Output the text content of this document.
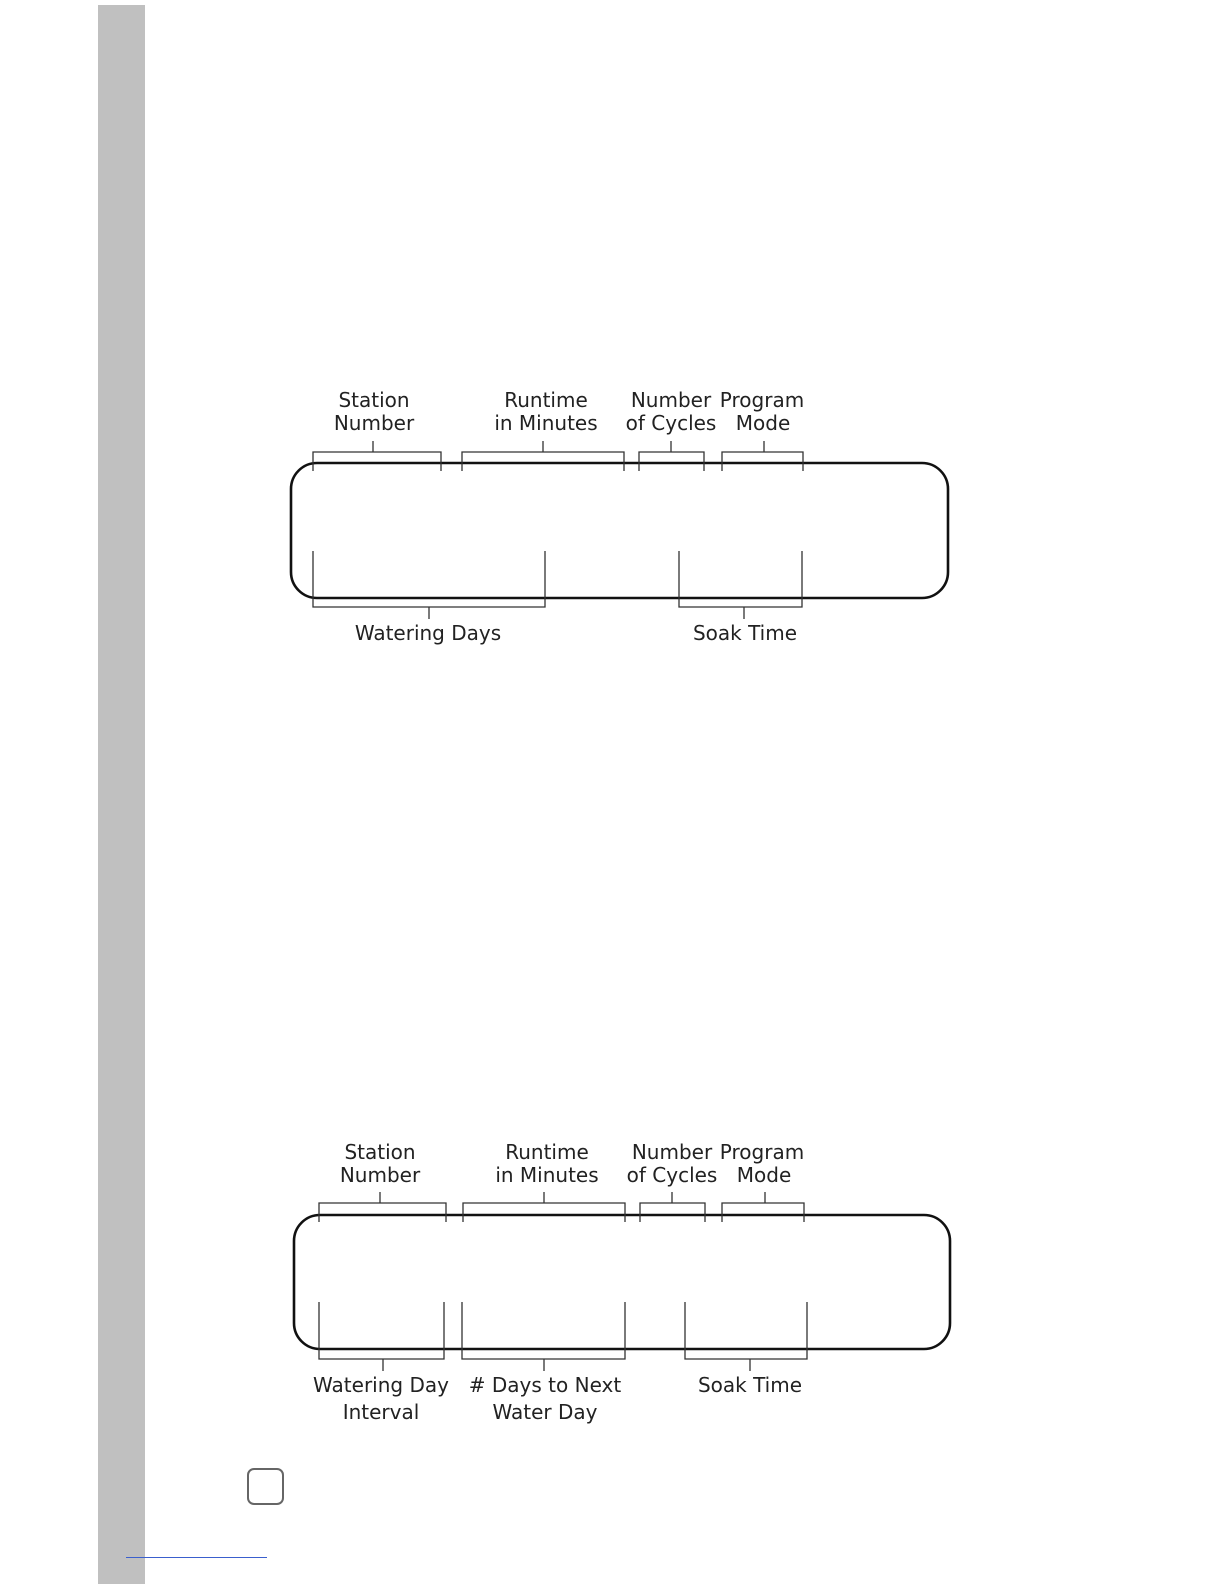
Station
Number
Runtime
in Minutes
Number
of Cycles
Program
Mode
Watering Days	Soak Time
Station
Number
Runtime
in Minutes
Number
of Cycles
Program
Mode
Watering Day
Interval
# Days to Next
Water Day
Soak Time
